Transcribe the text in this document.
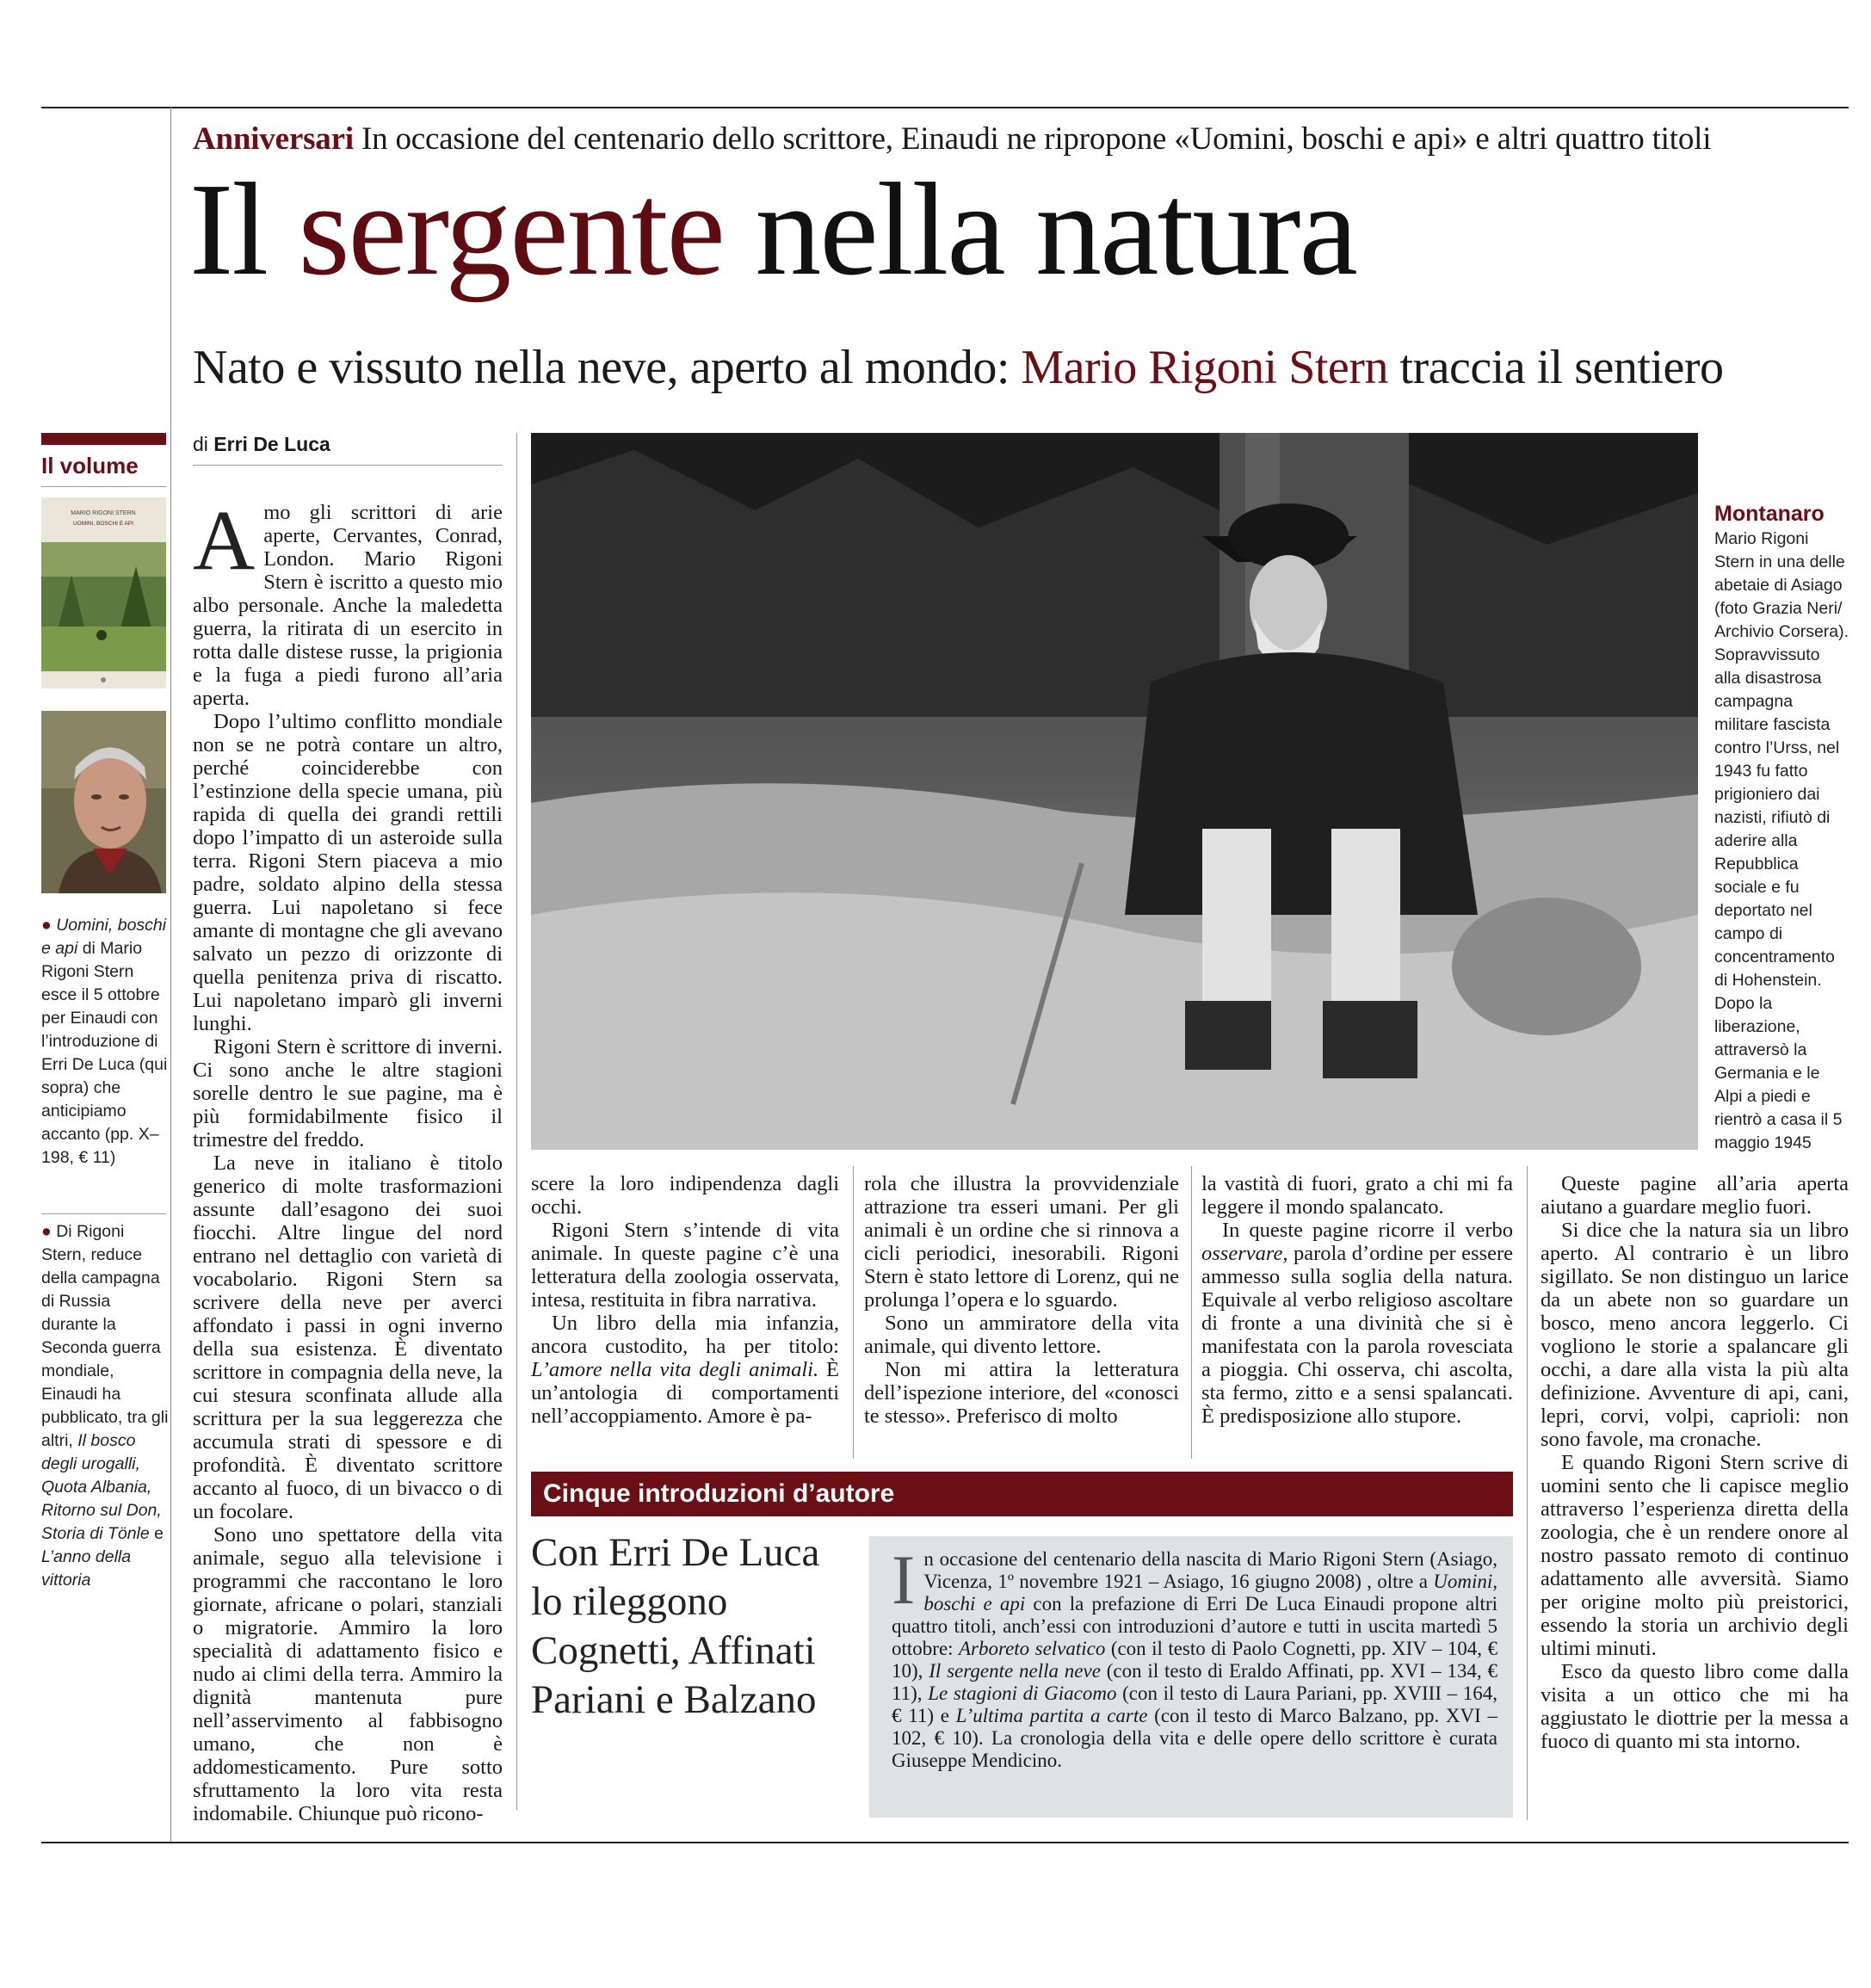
Anniversari In occasione del centenario dello scrittore, Einaudi ne ripropone «Uomini, boschi e api» e altri quattro titoli
Il sergente nella natura
Nato e vissuto nella neve, aperto al mondo: Mario Rigoni Stern traccia il sentiero
Il volume
MARIO RIGONI STERN
UOMINI, BOSCHI E API
● Uomini, boschi e api di Mario Rigoni Stern esce il 5 ottobre per Einaudi con l’introduzione di Erri De Luca (qui sopra) che anticipiamo accanto (pp. X–198, € 11)
● Di Rigoni Stern, reduce della campagna di Russia durante la Seconda guerra mondiale, Einaudi ha pubblicato, tra gli altri, Il bosco degli urogalli, Quota Albania, Ritorno sul Don, Storia di Tönle e L’anno della vittoria
di Erri De Luca

Amo gli scrittori di arie aperte, Cervantes, Conrad, London. Mario Rigoni Stern è iscritto a questo mio albo personale. Anche la maledetta guerra, la ritirata di un esercito in rotta dalle distese russe, la prigionia e la fuga a piedi furono all’aria aperta.

Dopo l’ultimo conflitto mondiale non se ne potrà contare un altro, perché coinciderebbe con l’estinzione della specie umana, più rapida di quella dei grandi rettili dopo l’impatto di un asteroide sulla terra. Rigoni Stern piaceva a mio padre, soldato alpino della stessa guerra. Lui napoletano si fece amante di montagne che gli avevano salvato un pezzo di orizzonte di quella penitenza priva di riscatto. Lui napoletano imparò gli inverni lunghi.

Rigoni Stern è scrittore di inverni. Ci sono anche le altre stagioni sorelle dentro le sue pagine, ma è più formidabilmente fisico il trimestre del freddo.

La neve in italiano è titolo generico di molte trasformazioni assunte dall’esagono dei suoi fiocchi. Altre lingue del nord entrano nel dettaglio con varietà di vocabolario. Rigoni Stern sa scrivere della neve per averci affondato i passi in ogni inverno della sua esistenza. È diventato scrittore in compagnia della neve, la cui stesura sconfinata allude alla scrittura per la sua leggerezza che accumula strati di spessore e di profondità. È diventato scrittore accanto al fuoco, di un bivacco o di un focolare.

Sono uno spettatore della vita animale, seguo alla televisione i programmi che raccontano le loro giornate, africane o polari, stanziali o migratorie. Ammiro la loro specialità di adattamento fisico e nudo ai climi della terra. Ammiro la dignità mantenuta pure nell’asservimento al fabbisogno umano, che non è addomesticamento. Pure sotto sfruttamento la loro vita resta indomabile. Chiunque può ricono-

Montanaro
Mario Rigoni Stern in una delle abetaie di Asiago (foto Grazia Neri/ Archivio Corsera). Sopravvissuto alla disastrosa campagna militare fascista contro l’Urss, nel 1943 fu fatto prigioniero dai nazisti, rifiutò di aderire alla Repubblica sociale e fu deportato nel campo di concentramento di Hohenstein. Dopo la liberazione, attraversò la Germania e le Alpi a piedi e rientrò a casa il 5 maggio 1945

scere la loro indipendenza dagli occhi.

Rigoni Stern s’intende di vita animale. In queste pagine c’è una letteratura della zoologia osservata, intesa, restituita in fibra narrativa.

Un libro della mia infanzia, ancora custodito, ha per titolo: L’amore nella vita degli animali. È un’antologia di comportamenti nell’accoppiamento. Amore è pa-

rola che illustra la provvidenziale attrazione tra esseri umani. Per gli animali è un ordine che si rinnova a cicli periodici, inesorabili. Rigoni Stern è stato lettore di Lorenz, qui ne prolunga l’opera e lo sguardo.

Sono un ammiratore della vita animale, qui divento lettore.

Non mi attira la letteratura dell’ispezione interiore, del «conosci te stesso». Preferisco di molto

la vastità di fuori, grato a chi mi fa leggere il mondo spalancato.

In queste pagine ricorre il verbo osservare, parola d’ordine per essere ammesso sulla soglia della natura. Equivale al verbo religioso ascoltare di fronte a una divinità che si è manifestata con la parola rovesciata a pioggia. Chi osserva, chi ascolta, sta fermo, zitto e a sensi spalancati. È predisposizione allo stupore.

Queste pagine all’aria aperta aiutano a guardare meglio fuori.

Si dice che la natura sia un libro aperto. Al contrario è un libro sigillato. Se non distinguo un larice da un abete non so guardare un bosco, meno ancora leggerlo. Ci vogliono le storie a spalancare gli occhi, a dare alla vista la più alta definizione. Avventure di api, cani, lepri, corvi, volpi, caprioli: non sono favole, ma cronache.

E quando Rigoni Stern scrive di uomini sento che li capisce meglio attraverso l’esperienza diretta della zoologia, che è un rendere onore al nostro passato remoto di continuo adattamento alle avversità. Siamo per origine molto più preistorici, essendo la storia un archivio degli ultimi minuti.

Esco da questo libro come dalla visita a un ottico che mi ha aggiustato le diottrie per la messa a fuoco di quanto mi sta intorno.

Cinque introduzioni d’autore
Con Erri De Luca lo rileggono Cognetti, Affinati Pariani e Balzano
In occasione del centenario della nascita di Mario Rigoni Stern (Asiago, Vicenza, 1º novembre 1921 – Asiago, 16 giugno 2008) , oltre a Uomini, boschi e api con la prefazione di Erri De Luca Einaudi propone altri quattro titoli, anch’essi con introduzioni d’autore e tutti in uscita martedì 5 ottobre: Arboreto selvatico (con il testo di Paolo Cognetti, pp. XIV – 104, € 10), Il sergente nella neve (con il testo di Eraldo Affinati, pp. XVI – 134, € 11), Le stagioni di Giacomo (con il testo di Laura Pariani, pp. XVIII – 164, € 11) e L’ultima partita a carte (con il testo di Marco Balzano, pp. XVI – 102, € 10). La cronologia della vita e delle opere dello scrittore è curata Giuseppe Mendicino.
